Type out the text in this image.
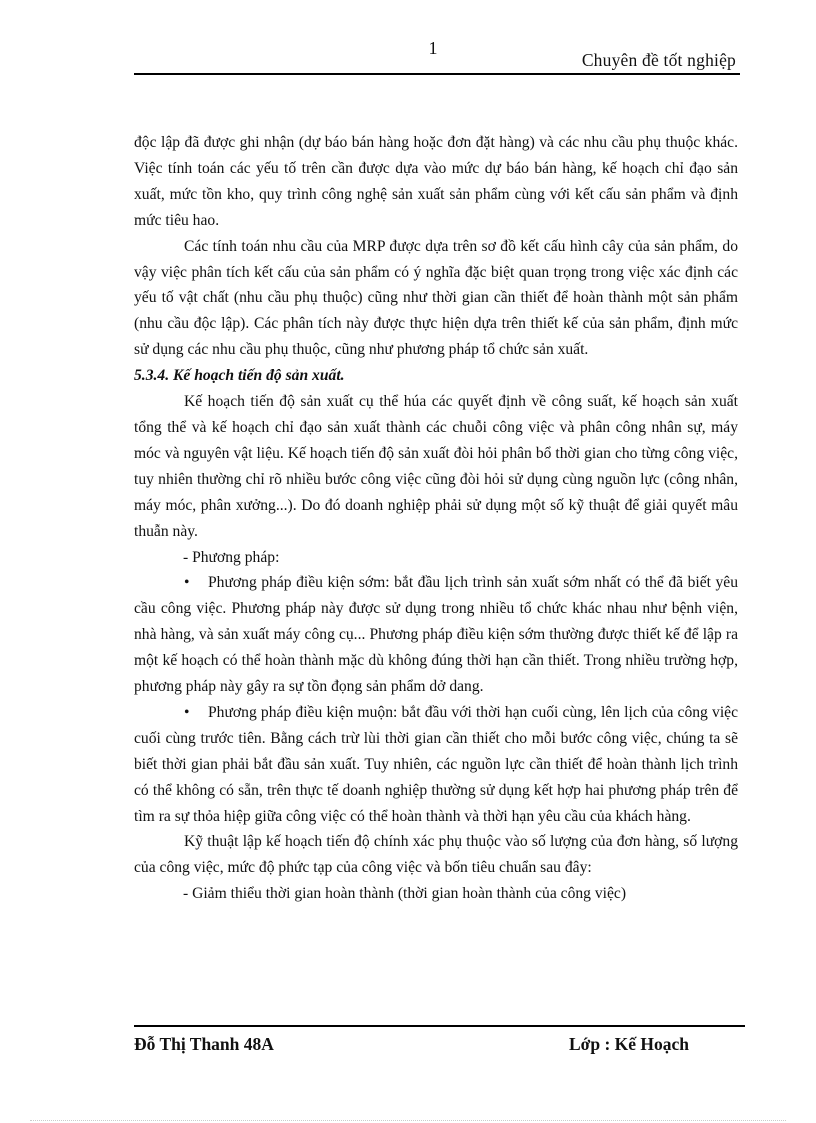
1
Chuyên đề tốt nghiệp

độc lập đã được ghi nhận (dự báo bán hàng hoặc đơn đặt hàng) và các nhu cầu phụ thuộc khác. Việc tính toán các yếu tố trên cần được dựa vào mức dự báo bán hàng, kế hoạch chỉ đạo sản xuất, mức tồn kho, quy trình công nghệ sản xuất sản phẩm cùng với kết cấu sản phẩm và định mức tiêu hao.

Các tính toán nhu cầu của MRP được dựa trên sơ đồ kết cấu hình cây của sản phẩm, do vậy việc phân tích kết cấu của sản phẩm có ý nghĩa đặc biệt quan trọng trong việc xác định các yếu tố vật chất (nhu cầu phụ thuộc) cũng như thời gian cần thiết để hoàn thành một sản phẩm (nhu cầu độc lập). Các phân tích này được thực hiện dựa trên thiết kế của sản phẩm, định mức sử dụng các nhu cầu phụ thuộc, cũng như phương pháp tổ chức sản xuất.

5.3.4. Kế hoạch tiến độ sản xuất.

Kế hoạch tiến độ sản xuất cụ thể húa các quyết định về công suất, kế hoạch sản xuất tổng thể và kế hoạch chỉ đạo sản xuất thành các chuỗi công việc và phân công nhân sự, máy móc và nguyên vật liệu. Kế hoạch tiến độ sản xuất đòi hỏi phân bổ thời gian cho từng công việc, tuy nhiên thường chỉ rõ nhiều bước công việc cũng đòi hỏi sử dụng cùng nguồn lực (công nhân, máy móc, phân xưởng...). Do đó doanh nghiệp phải sử dụng một số kỹ thuật để giải quyết mâu thuẫn này.

- Phương pháp:

• Phương pháp điều kiện sớm: bắt đầu lịch trình sản xuất sớm nhất có thể đã biết yêu cầu công việc. Phương pháp này được sử dụng trong nhiều tổ chức khác nhau như bệnh viện, nhà hàng, và sản xuất máy công cụ... Phương pháp điều kiện sớm thường được thiết kế để lập ra một kế hoạch có thể hoàn thành mặc dù không đúng thời hạn cần thiết. Trong nhiều trường hợp, phương pháp này gây ra sự tồn đọng sản phẩm dở dang.

• Phương pháp điều kiện muộn: bắt đầu với thời hạn cuối cùng, lên lịch của công việc cuối cùng trước tiên. Bằng cách trừ lùi thời gian cần thiết cho mỗi bước công việc, chúng ta sẽ biết thời gian phải bắt đầu sản xuất. Tuy nhiên, các nguồn lực cần thiết để hoàn thành lịch trình có thể không có sẵn, trên thực tế doanh nghiệp thường sử dụng kết hợp hai phương pháp trên để tìm ra sự thỏa hiệp giữa công việc có thể hoàn thành và thời hạn yêu cầu của khách hàng.

Kỹ thuật lập kế hoạch tiến độ chính xác phụ thuộc vào số lượng của đơn hàng, số lượng của công việc, mức độ phức tạp của công việc và bốn tiêu chuẩn sau đây:

- Giảm thiểu thời gian hoàn thành (thời gian hoàn thành của công việc)

Đỗ Thị Thanh 48A	Lớp : Kế Hoạch
